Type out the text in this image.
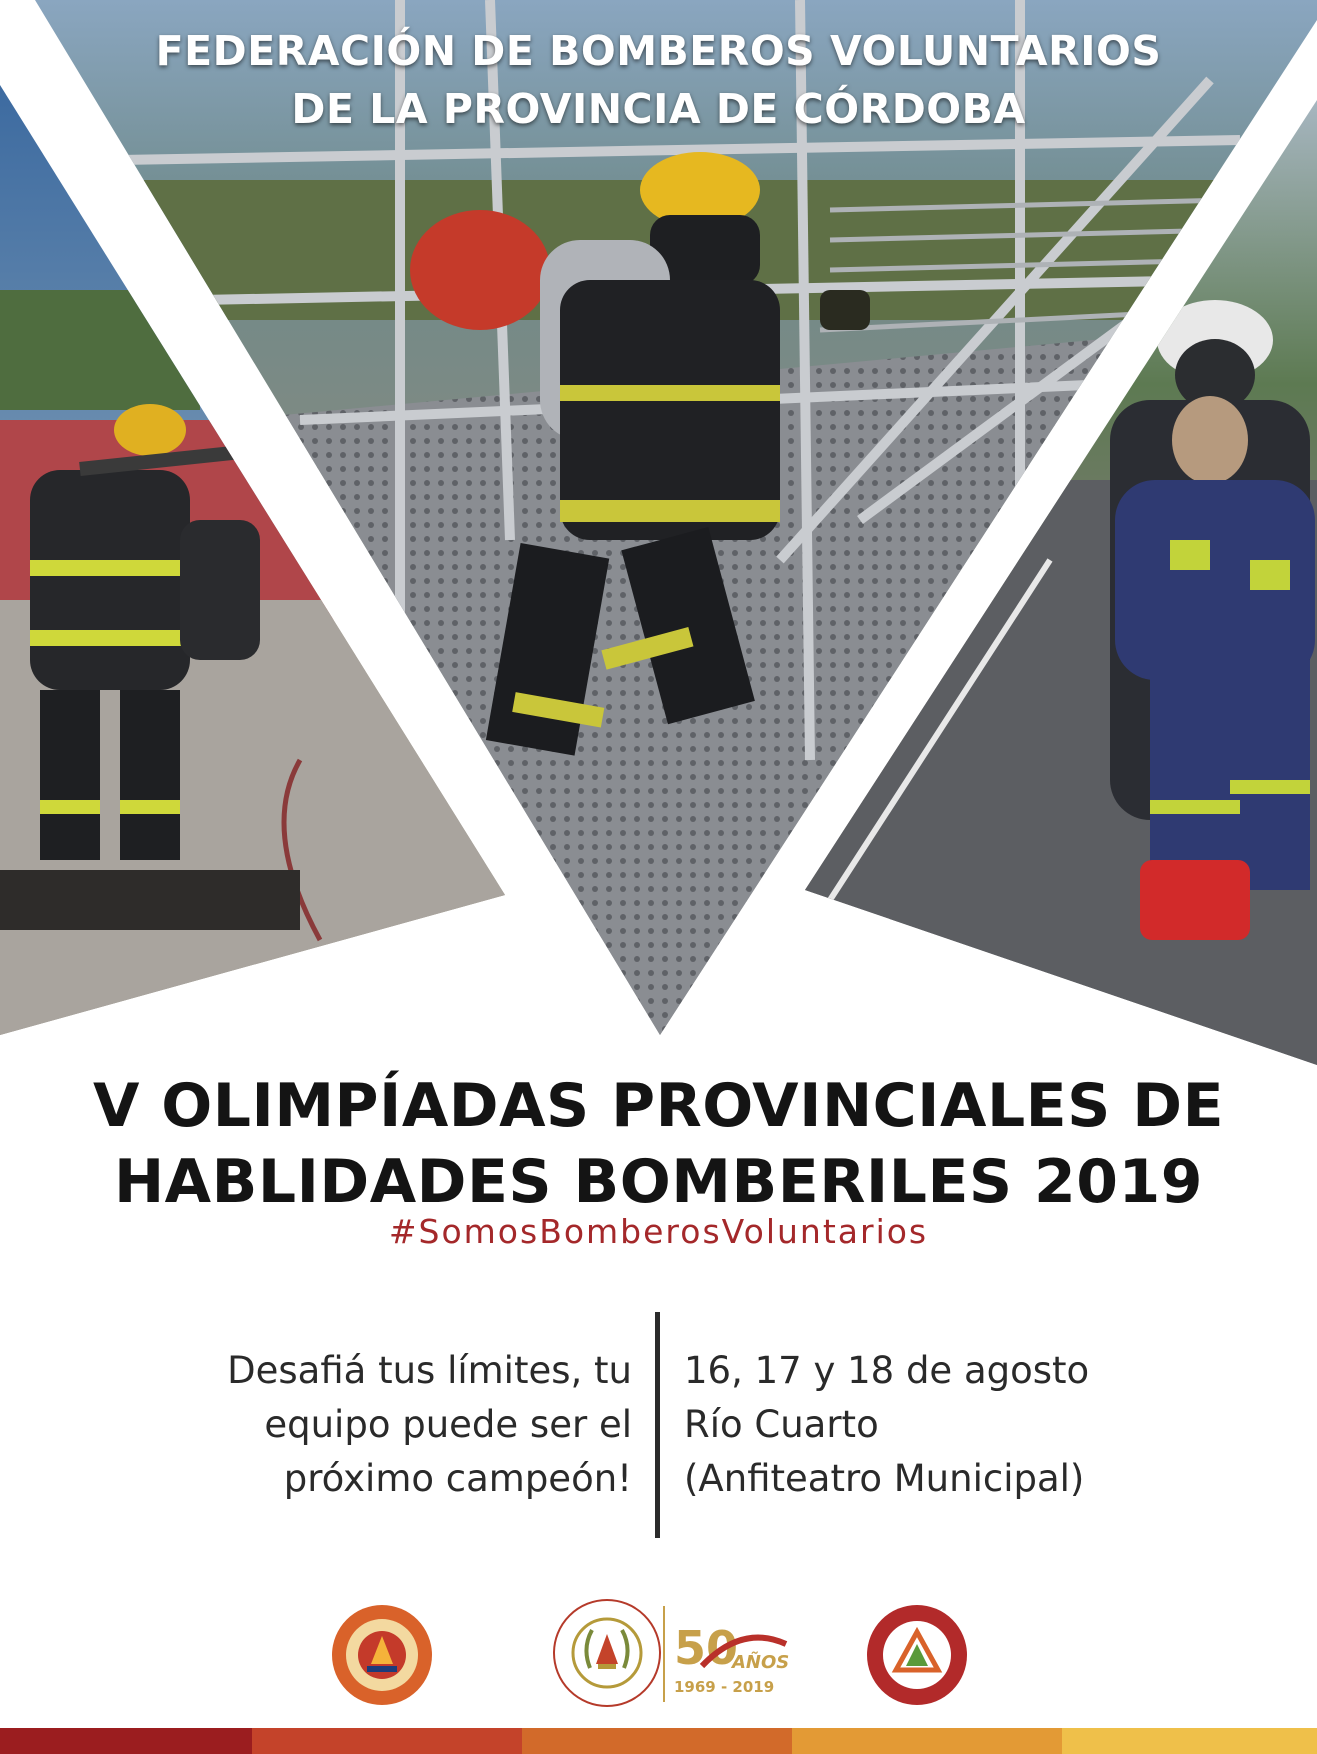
FEDERACIÓN DE BOMBEROS VOLUNTARIOS
DE LA PROVINCIA DE CÓRDOBA
V OLIMPÍADAS PROVINCIALES DE
HABLIDADES BOMBERILES 2019
#SomosBomberosVoluntarios
Desafiá tus límites, tu
equipo puede ser el
próximo campeón!
16, 17 y 18 de agosto
Río Cuarto
(Anfiteatro Municipal)
50
AÑOS
1969 - 2019
